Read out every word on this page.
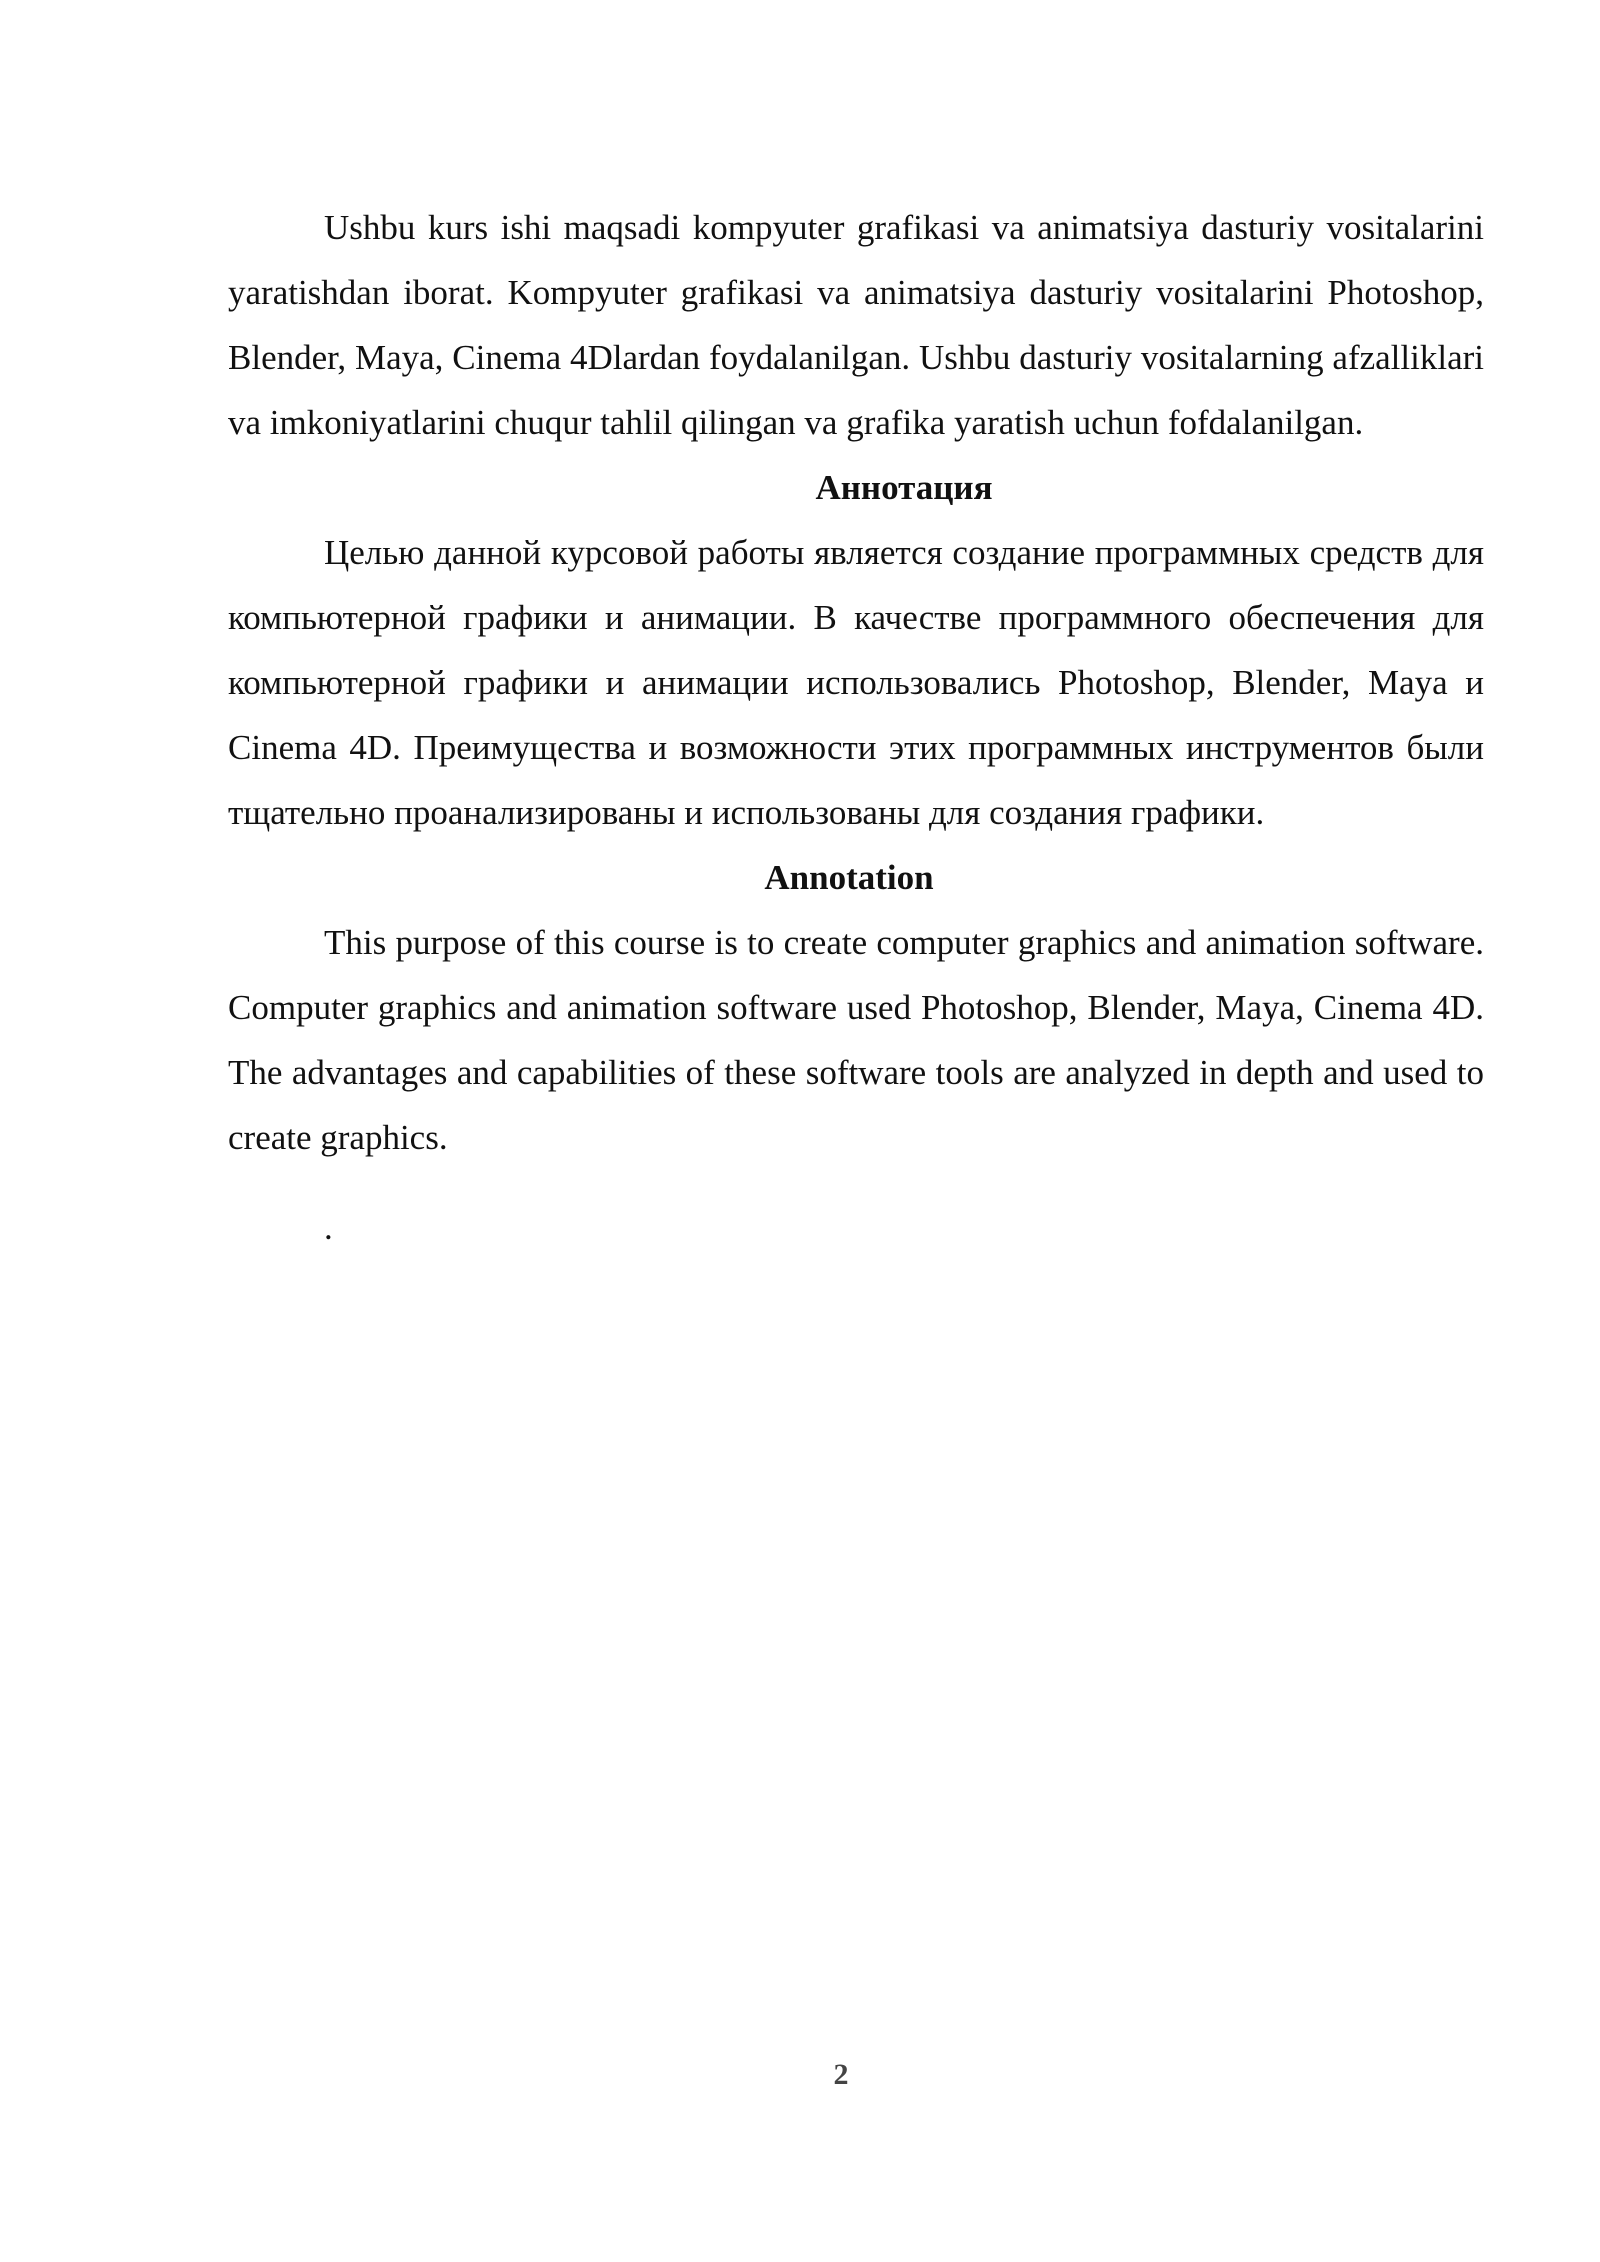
Ushbu kurs ishi maqsadi kompyuter grafikasi va animatsiya dasturiy vositalarini yaratishdan iborat. Kompyuter grafikasi va animatsiya dasturiy vositalarini Photoshop, Blender, Maya, Cinema 4Dlardan foydalanilgan. Ushbu dasturiy vositalarning afzalliklari va imkoniyatlarini chuqur tahlil qilingan va grafika yaratish uchun fofdalanilgan.

Аннотация

Целью данной курсовой работы является создание программных средств для компьютерной графики и анимации. В качестве программного обеспечения для компьютерной графики и анимации использовались Photoshop, Blender, Maya и Cinema 4D. Преимущества и возможности этих программных инструментов были тщательно проанализированы и использованы для создания графики.

Annotation

This purpose of this course is to create computer graphics and animation software. Computer graphics and animation software used Photoshop, Blender, Maya, Cinema 4D. The advantages and capabilities of these software tools are analyzed in depth and used to create graphics.

.
2
